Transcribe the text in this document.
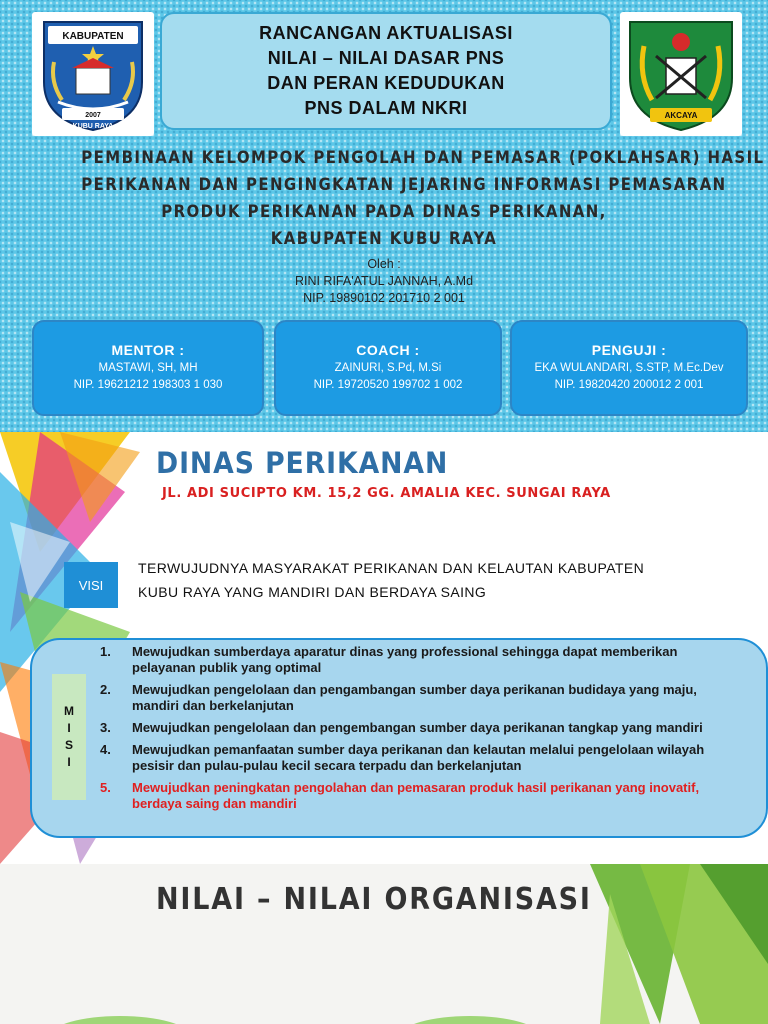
KABUPATEN
2007
KUBU RAYA
RANCANGAN AKTUALISASI
NILAI – NILAI DASAR PNS
DAN PERAN KEDUDUKAN
PNS DALAM NKRI	AKCAYA
PEMBINAAN KELOMPOK PENGOLAH DAN PEMASAR (POKLAHSAR) HASIL
PERIKANAN DAN PENGINGKATAN JEJARING INFORMASI PEMASARAN
PRODUK PERIKANAN PADA DINAS PERIKANAN,
KABUPATEN KUBU RAYA
Oleh :
RINI RIFA'ATUL JANNAH, A.Md
NIP. 19890102 201710 2 001
MENTOR :
MASTAWI, SH, MH
NIP. 19621212 198303 1 030
COACH :
ZAINURI, S.Pd, M.Si
NIP. 19720520 199702 1 002
PENGUJI :
EKA WULANDARI, S.STP, M.Ec.Dev
NIP. 19820420 200012 2 001
DINAS PERIKANAN
JL. ADI SUCIPTO KM. 15,2 GG. AMALIA KEC. SUNGAI RAYA
VISI
TERWUJUDNYA MASYARAKAT PERIKANAN DAN KELAUTAN KABUPATEN
KUBU RAYA YANG MANDIRI DAN BERDAYA SAING
M
I
S
I
1.	Mewujudkan sumberdaya aparatur dinas yang professional sehingga dapat memberikan pelayanan publik yang optimal
2.	Mewujudkan pengelolaan dan pengambangan sumber daya perikanan budidaya yang maju, mandiri dan berkelanjutan
3.	Mewujudkan pengelolaan dan pengembangan sumber daya perikanan tangkap yang mandiri
4.	Mewujudkan pemanfaatan sumber daya perikanan dan kelautan melalui pengelolaan wilayah pesisir dan pulau-pulau kecil secara terpadu dan berkelanjutan
5.	Mewujudkan peningkatan pengolahan dan pemasaran produk hasil perikanan yang inovatif, berdaya saing dan mandiri
NILAI – NILAI ORGANISASI
